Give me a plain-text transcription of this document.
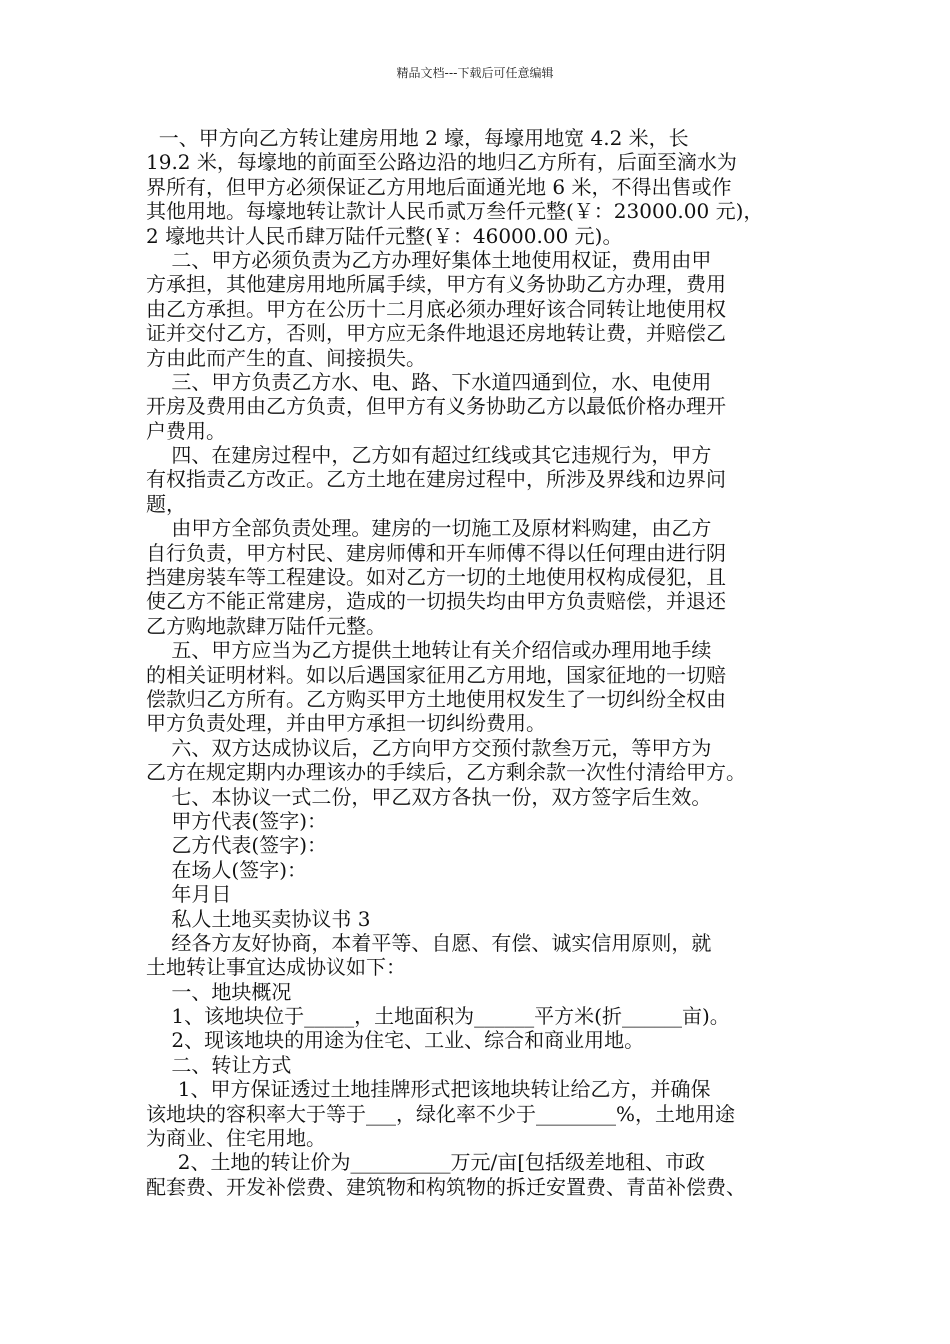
精品文档---下载后可任意编辑
一、甲方向乙方转让建房用地 2 壕，每壕用地宽 4.2 米，长
19.2 米，每壕地的前面至公路边沿的地归乙方所有，后面至滴水为
界所有，但甲方必须保证乙方用地后面通光地 6 米，不得出售或作
其他用地。每壕地转让款计人民币贰万叁仟元整(￥：23000.00 元)，
2 壕地共计人民币肆万陆仟元整(￥：46000.00 元)。
二、甲方必须负责为乙方办理好集体土地使用权证，费用由甲
方承担，其他建房用地所属手续，甲方有义务协助乙方办理，费用
由乙方承担。甲方在公历十二月底必须办理好该合同转让地使用权
证并交付乙方，否则，甲方应无条件地退还房地转让费，并赔偿乙
方由此而产生的直、间接损失。
三、甲方负责乙方水、电、路、下水道四通到位，水、电使用
开房及费用由乙方负责，但甲方有义务协助乙方以最低价格办理开
户费用。
四、在建房过程中，乙方如有超过红线或其它违规行为，甲方
有权指责乙方改正。乙方土地在建房过程中，所涉及界线和边界问
题，
由甲方全部负责处理。建房的一切施工及原材料购建，由乙方
自行负责，甲方村民、建房师傅和开车师傅不得以任何理由进行阴
挡建房装车等工程建设。如对乙方一切的土地使用权构成侵犯，且
使乙方不能正常建房，造成的一切损失均由甲方负责赔偿，并退还
乙方购地款肆万陆仟元整。
五、甲方应当为乙方提供土地转让有关介绍信或办理用地手续
的相关证明材料。如以后遇国家征用乙方用地，国家征地的一切赔
偿款归乙方所有。乙方购买甲方土地使用权发生了一切纠纷全权由
甲方负责处理，并由甲方承担一切纠纷费用。
六、双方达成协议后，乙方向甲方交预付款叁万元，等甲方为
乙方在规定期内办理该办的手续后，乙方剩余款一次性付清给甲方。
七、本协议一式二份，甲乙双方各执一份，双方签字后生效。
甲方代表(签字)：
乙方代表(签字)：
在场人(签字)：
年月日
私人土地买卖协议书 3
经各方友好协商，本着平等、自愿、有偿、诚实信用原则，就
土地转让事宜达成协议如下：
一、地块概况
1、该地块位于_____，土地面积为______平方米(折______亩)。
2、现该地块的用途为住宅、工业、综合和商业用地。
二、转让方式
1、甲方保证透过土地挂牌形式把该地块转让给乙方，并确保
该地块的容积率大于等于___，绿化率不少于________%，土地用途
为商业、住宅用地。
2、土地的转让价为__________万元/亩[包括级差地租、市政
配套费、开发补偿费、建筑物和构筑物的拆迁安置费、青苗补偿费、
